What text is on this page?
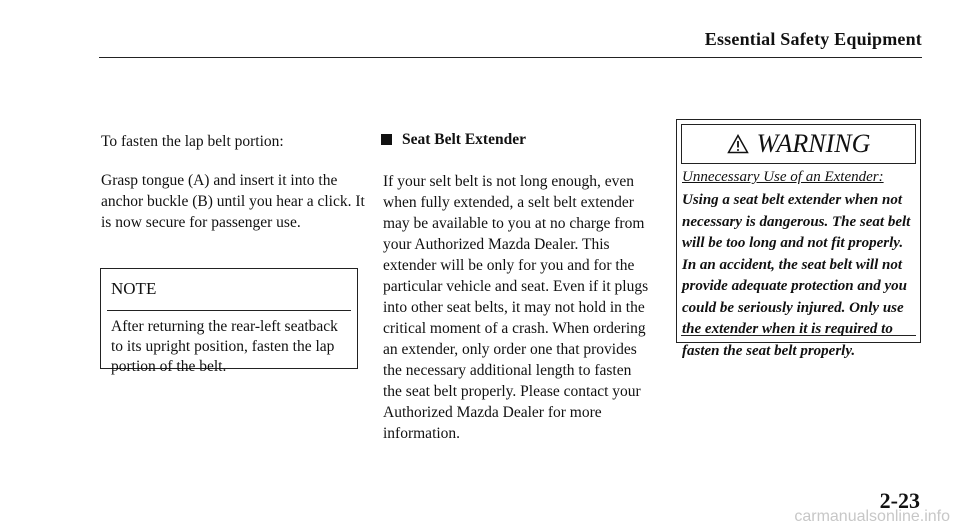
Essential Safety Equipment

To fasten the lap belt portion:

Grasp tongue (A) and insert it into the anchor buckle (B) until you hear a click. It is now secure for passenger use.

NOTE
After returning the rear-left seatback to its upright position, fasten the lap portion of the belt.
Seat Belt Extender
If your selt belt is not long enough, even when fully extended, a selt belt extender may be available to you at no charge from your Authorized Mazda Dealer. This extender will be only for you and for the particular vehicle and seat. Even if it plugs into other seat belts, it may not hold in the critical moment of a crash. When ordering an extender, only order one that provides the necessary additional length to fasten the seat belt properly. Please contact your Authorized Mazda Dealer for more information.
WARNING
Unnecessary Use of an Extender:
Using a seat belt extender when not necessary is dangerous. The seat belt will be too long and not fit properly. In an accident, the seat belt will not provide adequate protection and you could be seriously injured. Only use the extender when it is required to fasten the seat belt properly.
2-23
carmanualsonline.info
